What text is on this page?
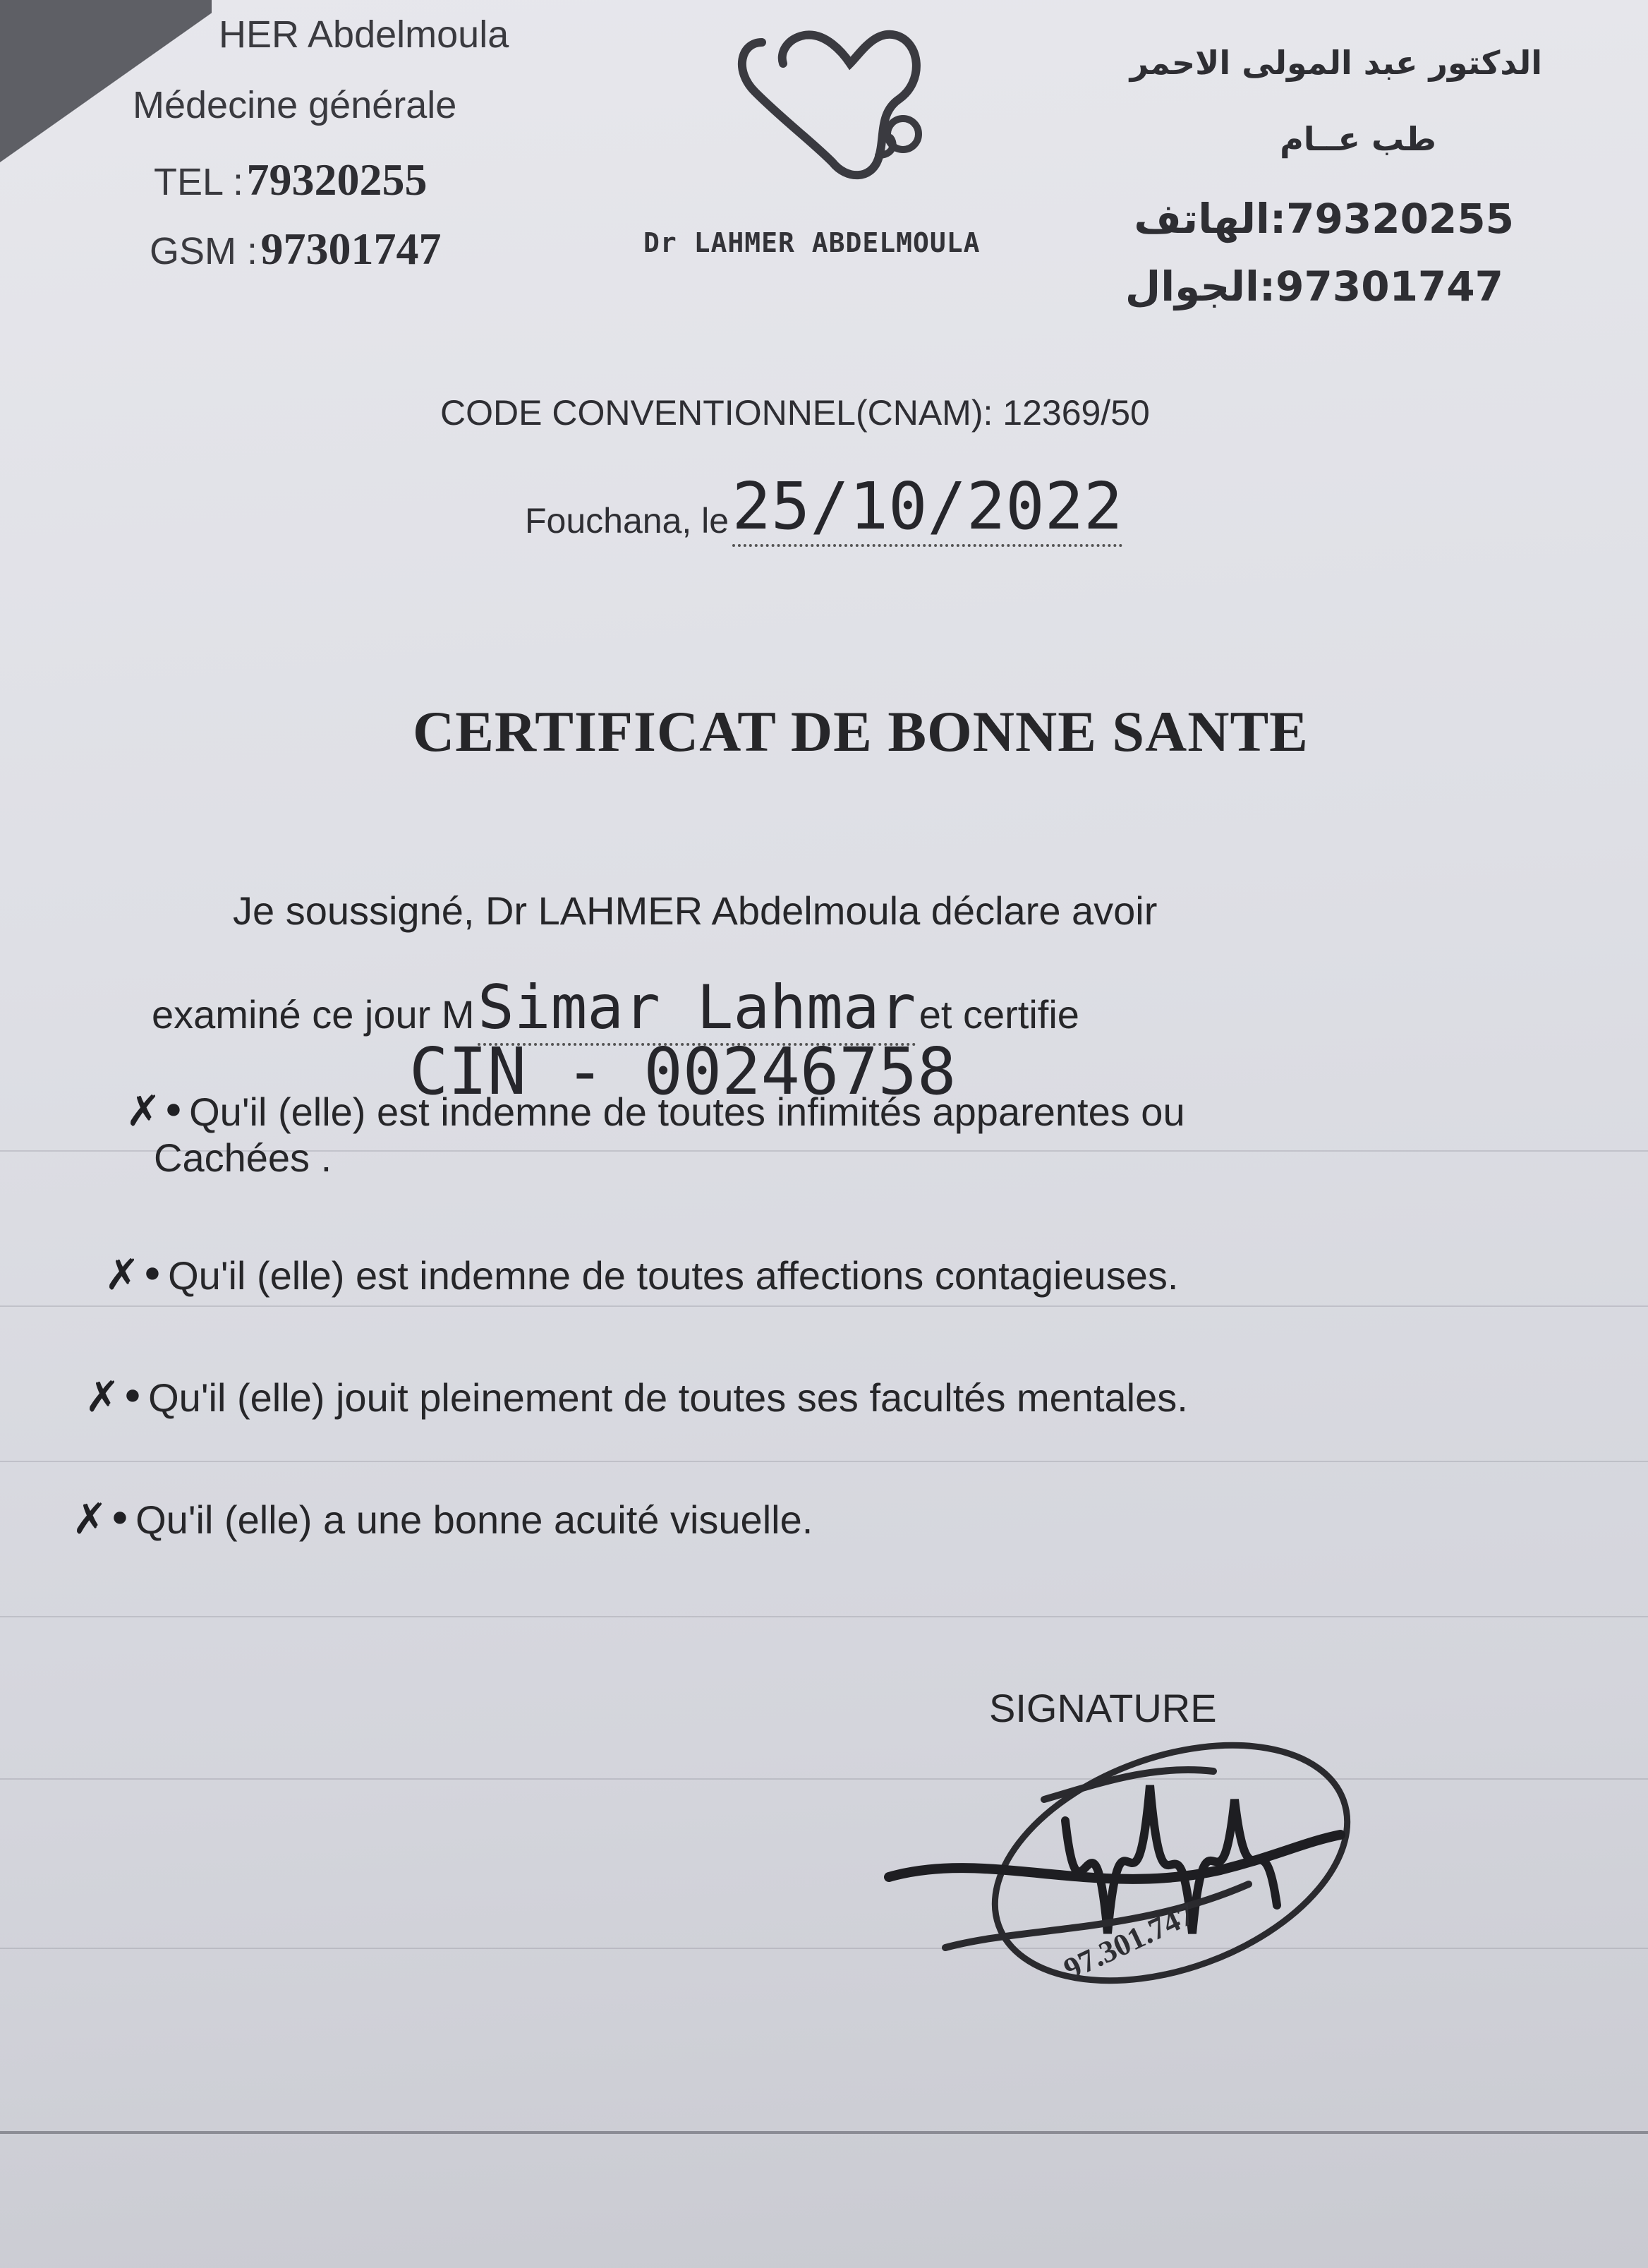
HER Abdelmoula
Médecine générale
TEL : 79320255
GSM : 97301747	Dr LAHMER ABDELMOULA
الدكتور عبد المولى الاحمر
طب عــام
79320255:الهاتف
97301747:الجوال
CODE CONVENTIONNEL(CNAM): 12369/50
Fouchana, le 25/10/2022
CERTIFICAT DE BONNE SANTE
Je soussigné, Dr LAHMER Abdelmoula déclare avoir
examiné ce jour M Simar Lahmar et certifie
CIN - 00246758
✗• Qu'il (elle) est indemne de toutes infimités apparentes ou
Cachées .
✗• Qu'il (elle) est indemne de toutes affections contagieuses.
✗• Qu'il (elle) jouit pleinement de toutes ses facultés mentales.
✗• Qu'il (elle) a une bonne acuité visuelle.
SIGNATURE
97.301.747
